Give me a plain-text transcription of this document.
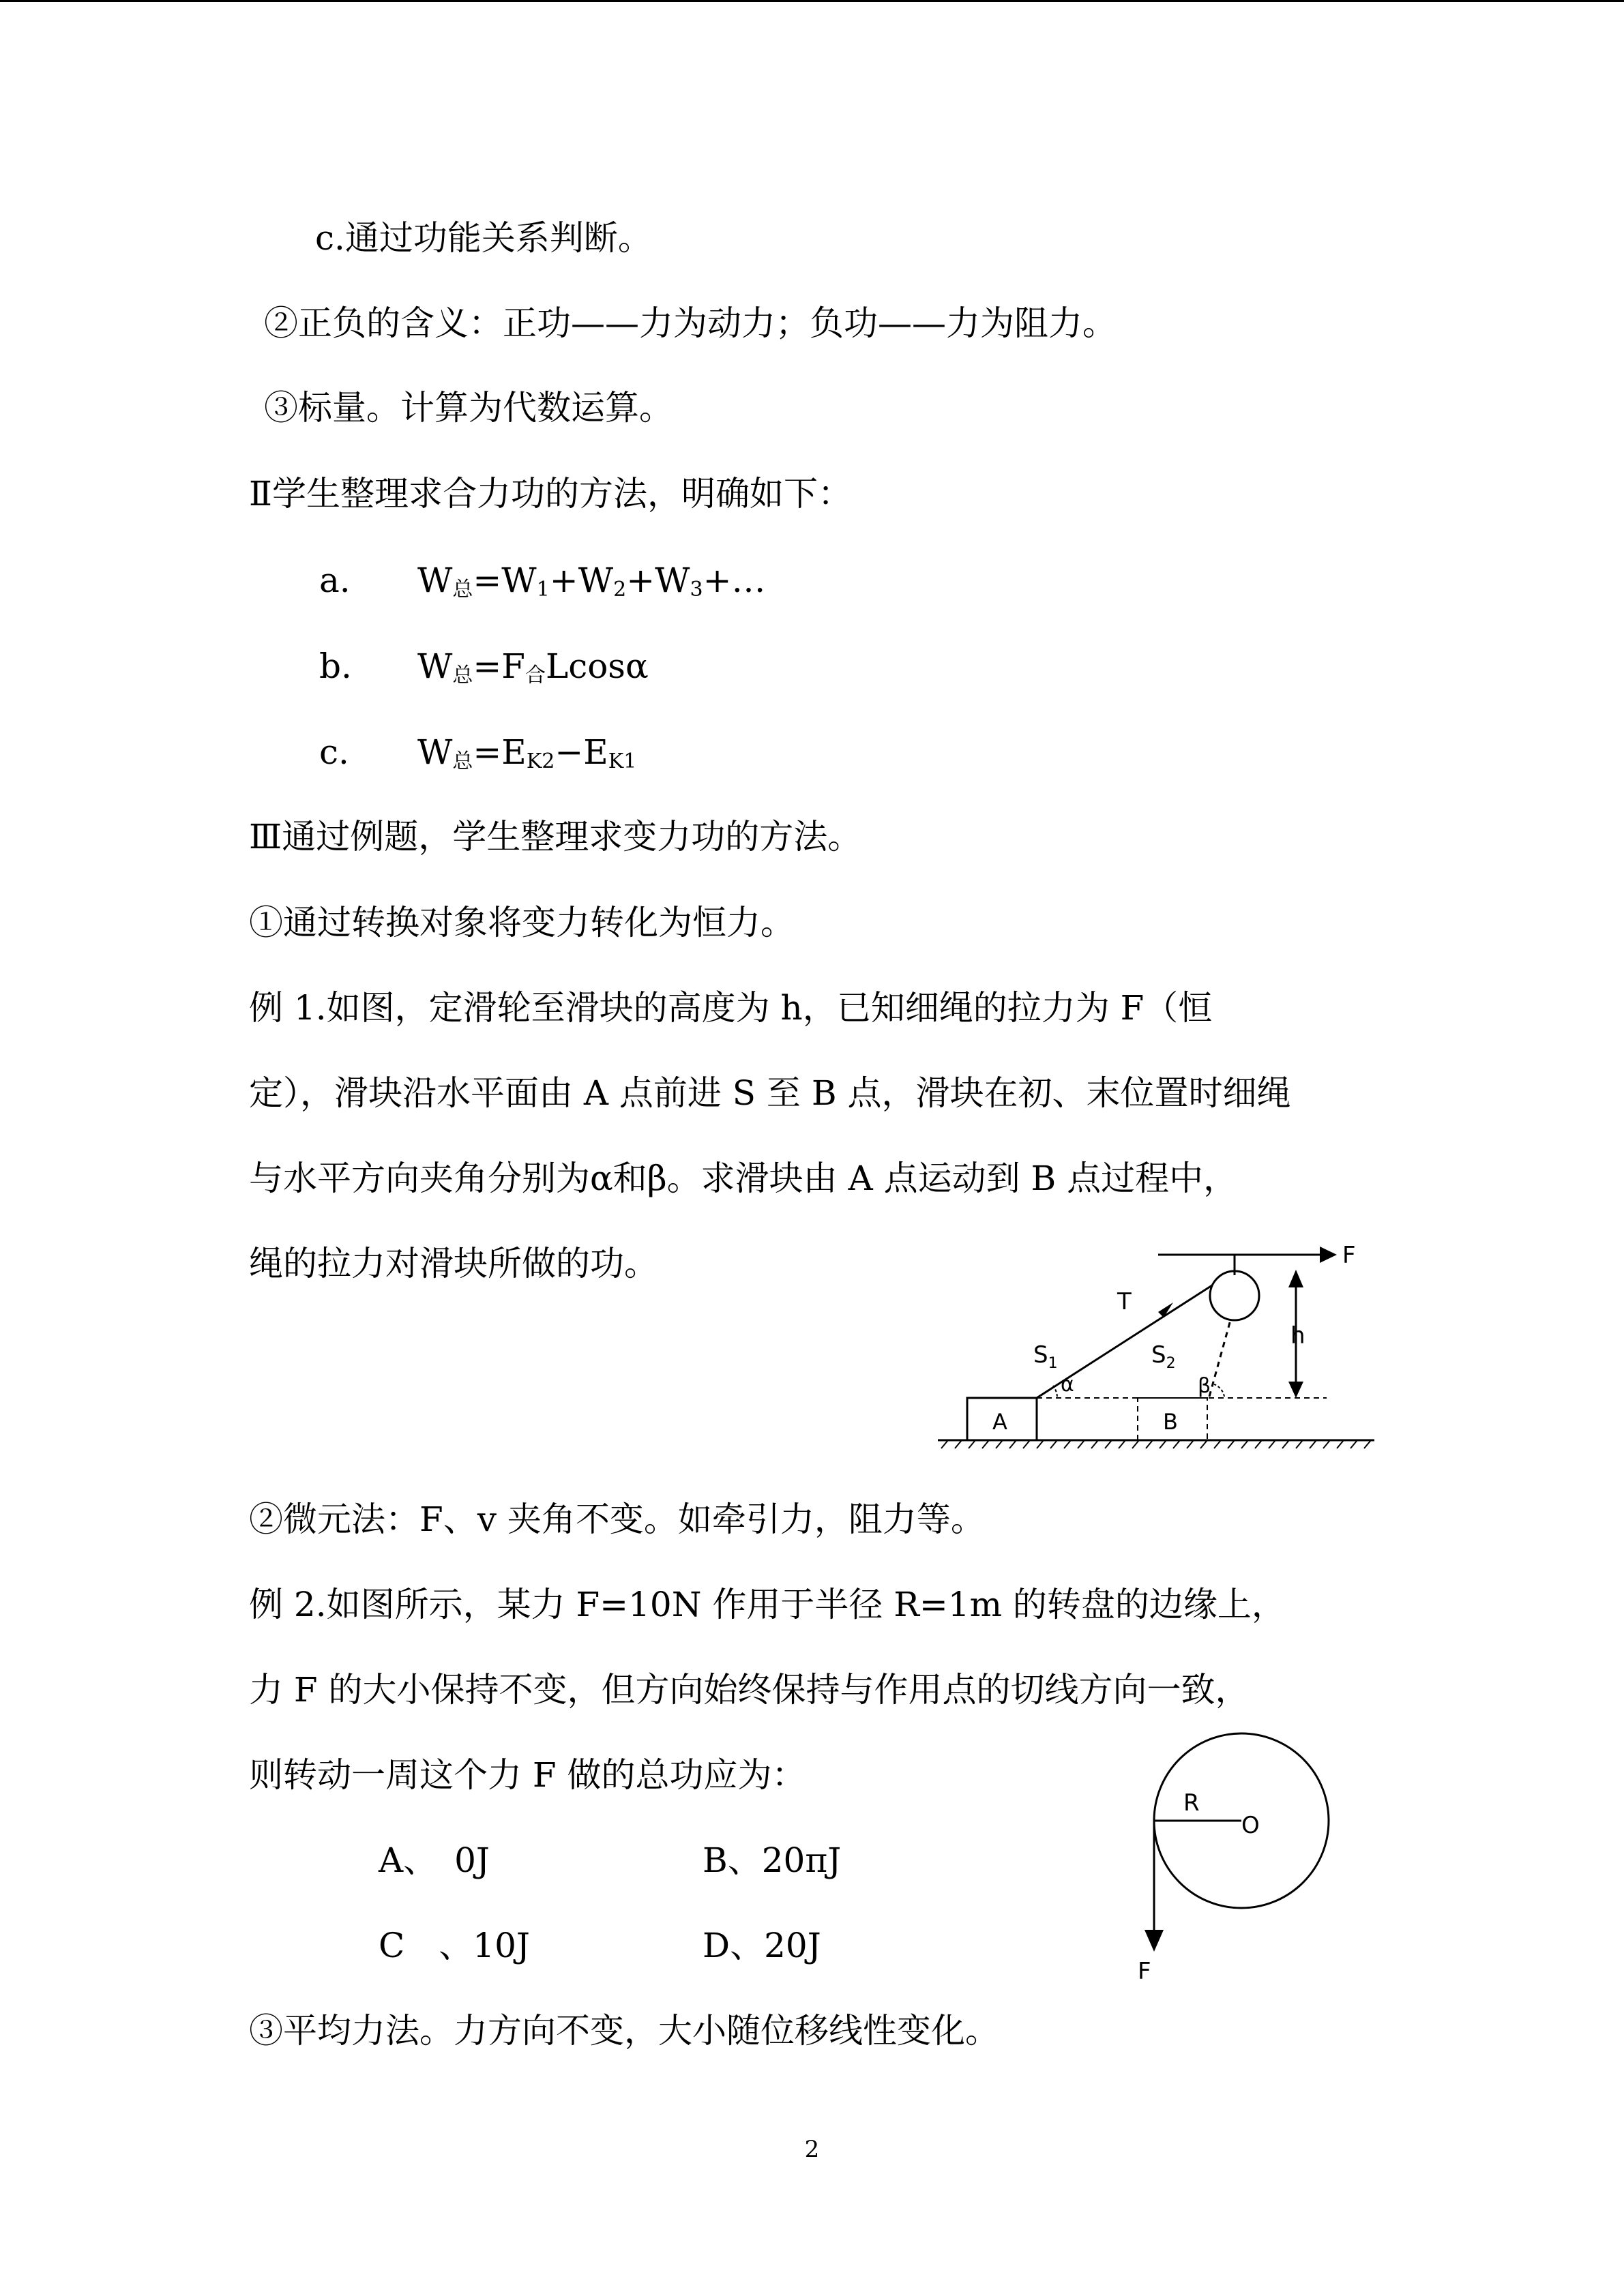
c.通过功能关系判断。
②正负的含义：正功——力为动力；负功——力为阻力。
③标量。计算为代数运算。
Ⅱ学生整理求合力功的方法，明确如下：
a. $W_总=W_1+W_2+W_3+\dots$
b. $W_总=F_合Lcos\alpha$
c. $W_总=E_{K2}-E_{K1}$
Ⅲ通过例题，学生整理求变力功的方法。
①通过转换对象将变力转化为恒力。
例 1.如图，定滑轮至滑块的高度为 h，已知细绳的拉力为 F（恒
定），滑块沿水平面由 A 点前进 S 至 B 点，滑块在初、末位置时细绳
与水平方向夹角分别为α和β。求滑块由 A 点运动到 B 点过程中，
绳的拉力对滑块所做的功。	F
T
$S_1$	$S_2$
α	β
h
A	B
②微元法：F、v 夹角不变。如牵引力，阻力等。
例 2.如图所示，某力 F=10N 作用于半径 R=1m 的转盘的边缘上，
力 F 的大小保持不变，但方向始终保持与作用点的切线方向一致，
则转动一周这个力 F 做的总功应为：
A、　0J	B、20πJ
C　、10J	D、20J
R
O
F
③平均力法。力方向不变，大小随位移线性变化。
2
